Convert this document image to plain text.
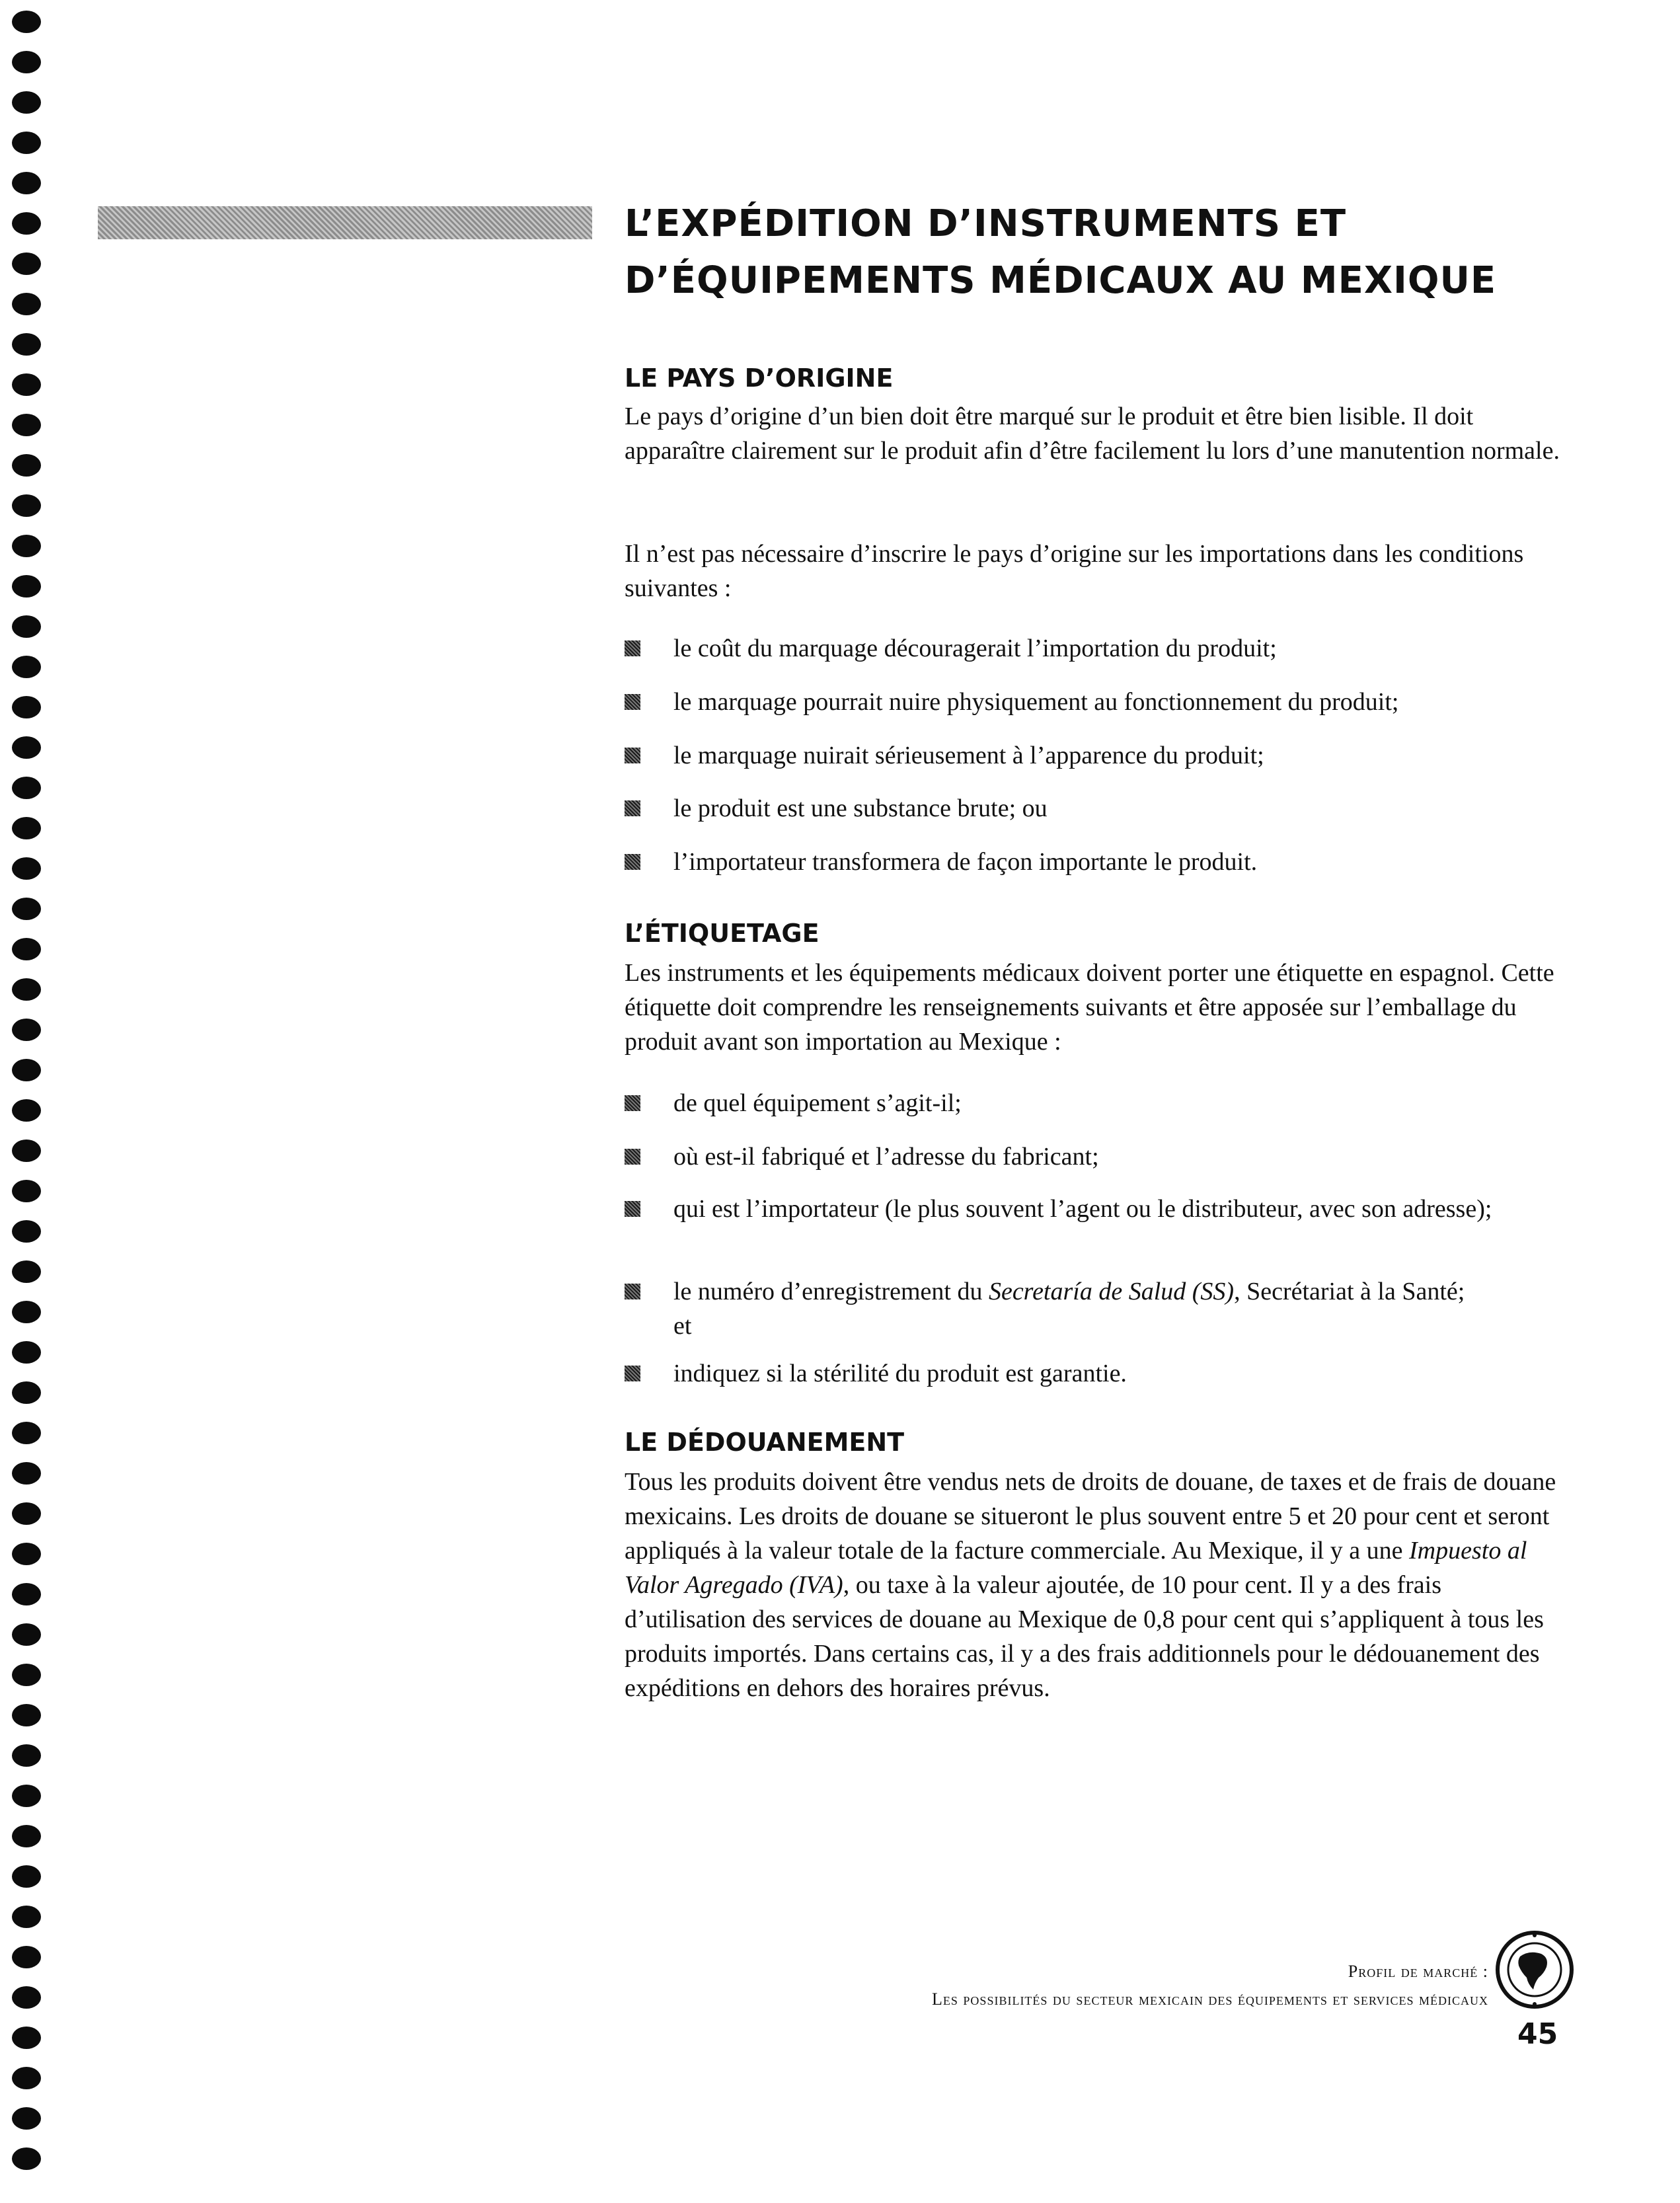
L’EXPÉDITION D’INSTRUMENTS ET
D’ÉQUIPEMENTS MÉDICAUX AU MEXIQUE
LE PAYS D’ORIGINE

Le pays d’origine d’un bien doit être marqué sur le produit et être bien lisible. Il doit apparaître clairement sur le produit afin d’être facilement lu lors d’une manutention normale.

Il n’est pas nécessaire d’inscrire le pays d’origine sur les importations dans les conditions suivantes :

le coût du marquage découragerait l’importation du produit;
le marquage pourrait nuire physiquement au fonctionnement du produit;
le marquage nuirait sérieusement à l’apparence du produit;
le produit est une substance brute; ou
l’importateur transformera de façon importante le produit.
L’ÉTIQUETAGE

Les instruments et les équipements médicaux doivent porter une étiquette en espagnol. Cette étiquette doit comprendre les renseignements suivants et être apposée sur l’emballage du produit avant son importation au Mexique :

de quel équipement s’agit-il;
où est-il fabriqué et l’adresse du fabricant;
qui est l’importateur (le plus souvent l’agent ou le distributeur, avec son adresse);
le numéro d’enregistrement du Secretaría de Salud (SS), Secrétariat à la Santé;
et
indiquez si la stérilité du produit est garantie.
LE DÉDOUANEMENT

Tous les produits doivent être vendus nets de droits de douane, de taxes et de frais de douane mexicains. Les droits de douane se situeront le plus souvent entre 5 et 20 pour cent et seront appliqués à la valeur totale de la facture commerciale. Au Mexique, il y a une Impuesto al Valor Agregado (IVA), ou taxe à la valeur ajoutée, de 10 pour cent. Il y a des frais d’utilisation des services de douane au Mexique de 0,8 pour cent qui s’appliquent à tous les produits importés. Dans certains cas, il y a des frais additionnels pour le dédouanement des expéditions en dehors des horaires prévus.

Profil de marché :
Les possibilités du secteur mexicain des équipements et services médicaux
45
